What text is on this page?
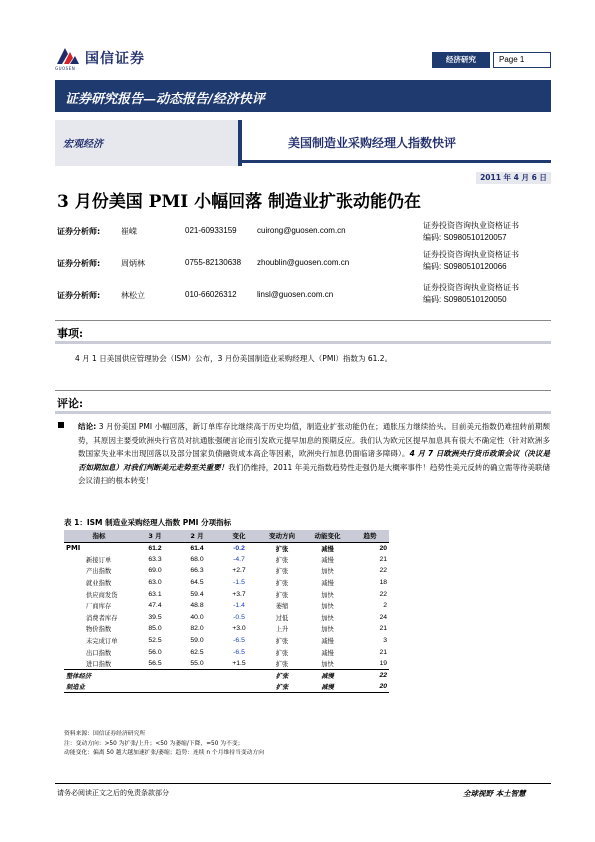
国信证券
GUOSEN
经济研究	Page 1
证券研究报告—动态报告/经济快评
宏观经济	美国制造业采购经理人指数快评
2011 年 4 月 6 日
3 月份美国 PMI 小幅回落 制造业扩张动能仍在
证券分析师:	崔嵘	021-60933159	cuirong@guosen.com.cn
证券分析师:	周炳林	0755-82130638 zhoublin@guosen.com.cn
证券分析师:	林松立	010-66026312	linsl@guosen.com.cn
证券投资咨询执业资格证书
编码: S0980510120057
证券投资咨询执业资格证书
编码: S0980510120066
证券投资咨询执业资格证书
编码: S0980510120050
事项:
4 月 1 日美国供应管理协会（ISM）公布，3 月份美国制造业采购经理人（PMI）指数为 61.2。
评论:
结论: 3 月份美国 PMI 小幅回落，新订单库存比继续高于历史均值，制造业扩张动能仍在；通胀压力继续抬头。目前美元指数仍难扭转前期颓势，其原因主要受欧洲央行官员对抗通胀强硬言论而引发欧元提早加息的预期反应。我们认为欧元区提早加息具有很大不确定性（针对欧洲多数国家失业率未出现回落以及部分国家负债融资成本高企等因素，欧洲央行加息仍面临诸多障碍）。4 月 7 日欧洲央行货币政策会议（决议是否如期加息）对我们判断美元走势至关重要！我们仍维持，2011 年美元指数趋势性走强仍是大概率事件！趋势性美元反转的确立需等待美联储会议清扫的根本转变！
表 1：ISM 制造业采购经理人指数 PMI 分项指标
指标	3 月	2 月	变化	变动方向	动能变化	趋势
PMI	61.2	61.4	-0.2	扩张	减慢	20
新接订单	63.3	68.0	-4.7	扩张	减慢	21
产出指数	69.0	66.3	+2.7	扩张	加快	22
就业指数	63.0	64.5	-1.5	扩张	减慢	18
供应商发货	63.1	59.4	+3.7	扩张	加快	22
厂商库存	47.4	48.8	-1.4	萎缩	加快	2
消费者库存	39.5	40.0	-0.5	过低	加快	24
物价指数	85.0	82.0	+3.0	上升	加快	21
未完成订单	52.5	59.0	-6.5	扩张	减慢	3
出口指数	56.0	62.5	-6.5	扩张	减慢	21
进口指数	56.5	55.0	+1.5	扩张	加快	19
整体经济				扩张	减慢	22
制造业				扩张	减慢	20
资料来源：国信证券经济研究所
注：变动方向：>50 为扩张/上升；<50 为萎缩/下降，=50 为不变；
动能变化：偏离 50 越大越加速扩张/萎缩；趋势：连续 n 个月维持当变动方向
请务必阅读正文之后的免责条款部分	全球视野 本土智慧
